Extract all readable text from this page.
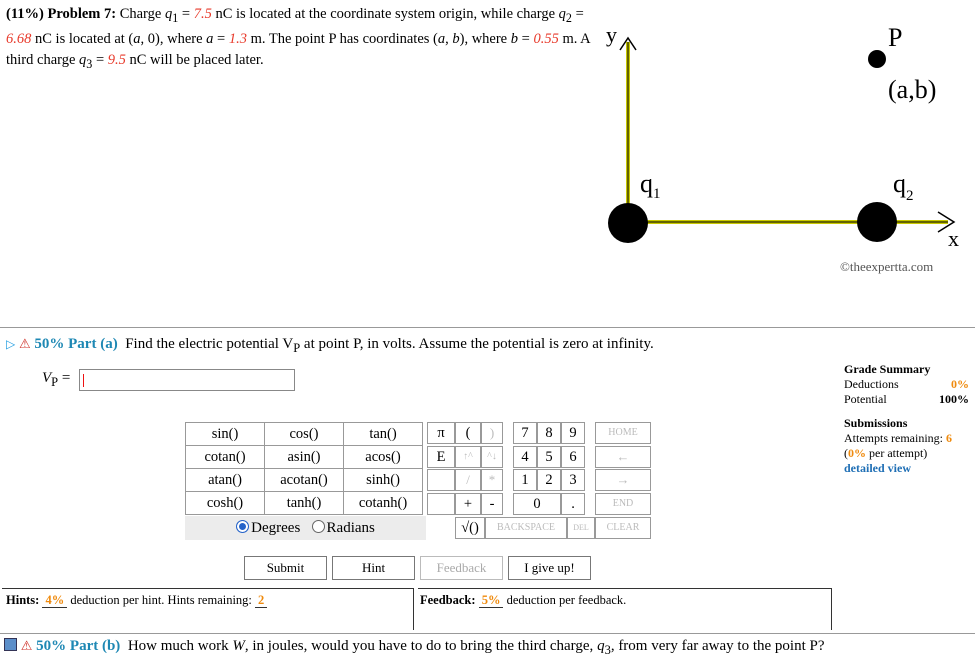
(11%) Problem 7: Charge $q_1 = 7.5$ nC is located at the coordinate system origin, while charge $q_2 = 6.68$ nC is located at (a, 0), where a = 1.3 m. The point P has coordinates (a, b), where b = 0.55 m. A third charge $q_3 = 9.5$ nC will be placed later.
y
x
P
(a,b)
q 1	q 2
©theexpertta.com
▷ ⚠ 50% Part (a) Find the electric potential $V_P$ at point P, in volts. Assume the potential is zero at infinity.
$V_P$ =
Grade Summary
Deductions	0%
Potential	100%
Submissions
Attempts remaining: 6
(0% per attempt)
detailed view
sin()	cos()	tan()
cotan()	asin()	acos()
atan()	acotan()	sinh()
cosh()	tanh()	cotanh()
Degrees Radians
π	(	)	7	8	9	HOME
E	↑^	^↓	4	5	6	←
/	*	1	2	3	→
+	-	0	.	END
√()	BACKSPACE	DEL	CLEAR
Submit	Hint	Feedback	I give up!
Hints: 4% deduction per hint. Hints remaining: 2	Feedback: 5% deduction per feedback.
⚠ 50% Part (b) How much work W, in joules, would you have to do to bring the third charge, $q_3$, from very far away to the point P?
